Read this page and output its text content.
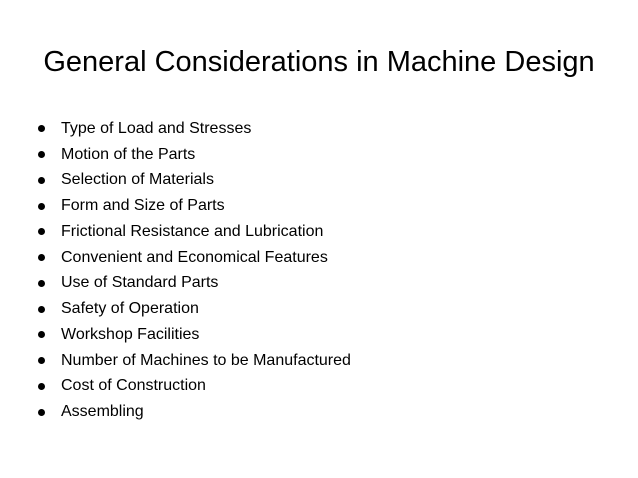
General Considerations in Machine Design
Type of Load and Stresses
Motion of the Parts
Selection of Materials
Form and Size of Parts
Frictional Resistance and Lubrication
Convenient and Economical Features
Use of Standard Parts
Safety of Operation
Workshop Facilities
Number of Machines to be Manufactured
Cost of Construction
Assembling
